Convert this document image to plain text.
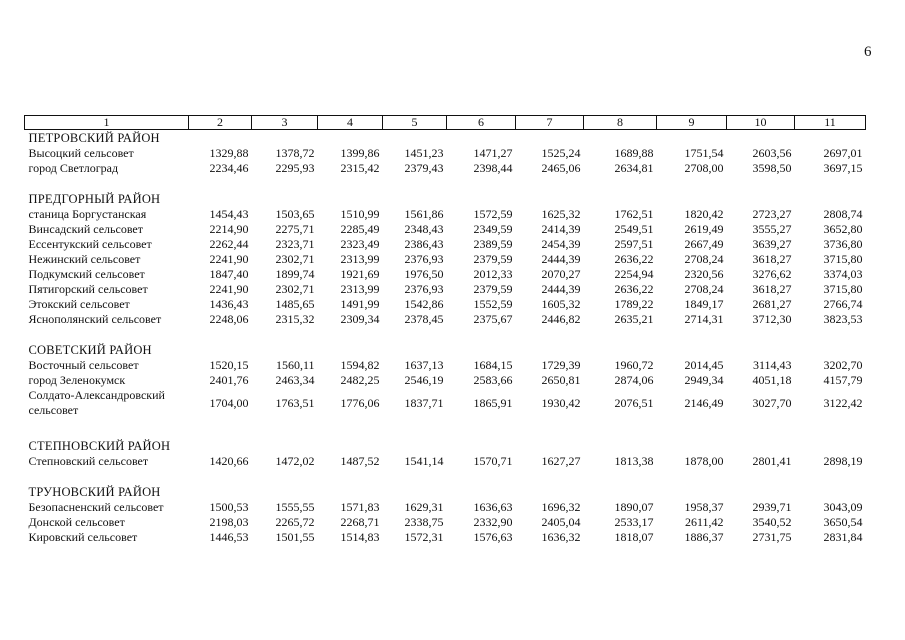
6
1	2	3	4	5	6	7	8	9	10	11
ПЕТРОВСКИЙ РАЙОН										
Высоцкий сельсовет	1329,88	1378,72	1399,86	1451,23	1471,27	1525,24	1689,88	1751,54	2603,56	2697,01
город Светлоград	2234,46	2295,93	2315,42	2379,43	2398,44	2465,06	2634,81	2708,00	3598,50	3697,15

ПРЕДГОРНЫЙ РАЙОН										
станица Боргустанская	1454,43	1503,65	1510,99	1561,86	1572,59	1625,32	1762,51	1820,42	2723,27	2808,74
Винсадский сельсовет	2214,90	2275,71	2285,49	2348,43	2349,59	2414,39	2549,51	2619,49	3555,27	3652,80
Ессентукский сельсовет	2262,44	2323,71	2323,49	2386,43	2389,59	2454,39	2597,51	2667,49	3639,27	3736,80
Нежинский сельсовет	2241,90	2302,71	2313,99	2376,93	2379,59	2444,39	2636,22	2708,24	3618,27	3715,80
Подкумский сельсовет	1847,40	1899,74	1921,69	1976,50	2012,33	2070,27	2254,94	2320,56	3276,62	3374,03
Пятигорский сельсовет	2241,90	2302,71	2313,99	2376,93	2379,59	2444,39	2636,22	2708,24	3618,27	3715,80
Этокский сельсовет	1436,43	1485,65	1491,99	1542,86	1552,59	1605,32	1789,22	1849,17	2681,27	2766,74
Яснополянский сельсовет	2248,06	2315,32	2309,34	2378,45	2375,67	2446,82	2635,21	2714,31	3712,30	3823,53

СОВЕТСКИЙ РАЙОН										
Восточный сельсовет	1520,15	1560,11	1594,82	1637,13	1684,15	1729,39	1960,72	2014,45	3114,43	3202,70
город Зеленокумск	2401,76	2463,34	2482,25	2546,19	2583,66	2650,81	2874,06	2949,34	4051,18	4157,79
Солдато-Александровский сельсовет	1704,00	1763,51	1776,06	1837,71	1865,91	1930,42	2076,51	2146,49	3027,70	3122,42

СТЕПНОВСКИЙ РАЙОН										
Степновский сельсовет	1420,66	1472,02	1487,52	1541,14	1570,71	1627,27	1813,38	1878,00	2801,41	2898,19

ТРУНОВСКИЙ РАЙОН										
Безопасненский сельсовет	1500,53	1555,55	1571,83	1629,31	1636,63	1696,32	1890,07	1958,37	2939,71	3043,09
Донской сельсовет	2198,03	2265,72	2268,71	2338,75	2332,90	2405,04	2533,17	2611,42	3540,52	3650,54
Кировский сельсовет	1446,53	1501,55	1514,83	1572,31	1576,63	1636,32	1818,07	1886,37	2731,75	2831,84
